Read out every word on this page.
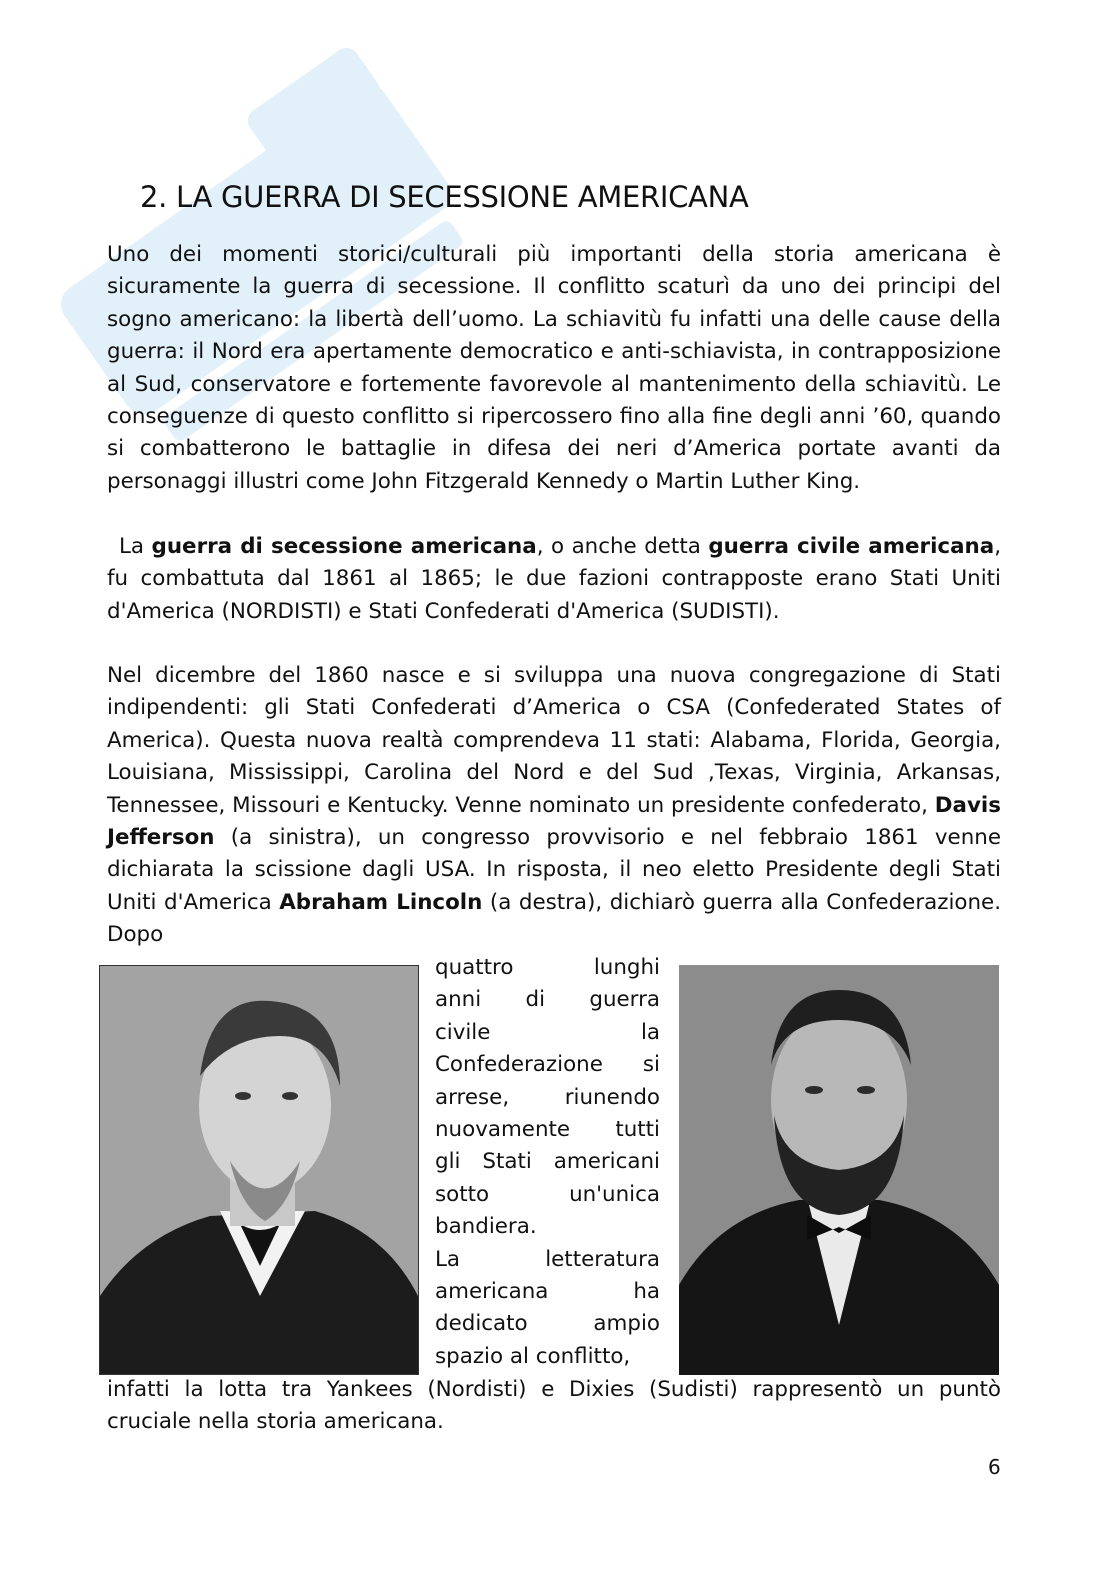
2. LA GUERRA DI SECESSIONE AMERICANA

Uno dei momenti storici/culturali più importanti della storia americana è sicuramente la guerra di secessione. Il conflitto scaturì da uno dei principi del sogno americano: la libertà dell’uomo. La schiavitù fu infatti una delle cause della guerra: il Nord era apertamente democratico e anti-schiavista, in contrapposizione al Sud, conservatore e fortemente favorevole al mantenimento della schiavitù. Le conseguenze di questo conflitto si ripercossero fino alla fine degli anni ’60, quando si combatterono le battaglie in difesa dei neri d’America portate avanti da personaggi illustri come John Fitzgerald Kennedy o Martin Luther King.

La guerra di secessione americana, o anche detta guerra civile americana, fu combattuta dal 1861 al 1865; le due fazioni contrapposte erano Stati Uniti d'America (NORDISTI) e Stati Confederati d'America (SUDISTI).

Nel dicembre del 1860 nasce e si sviluppa una nuova congregazione di Stati indipendenti: gli Stati Confederati d’America o CSA (Confederated States of America). Questa nuova realtà comprendeva 11 stati: Alabama, Florida, Georgia, Louisiana, Mississippi, Carolina del Nord e del Sud ,Texas, Virginia, Arkansas, Tennessee, Missouri e Kentucky. Venne nominato un presidente confederato, Davis Jefferson (a sinistra), un congresso provvisorio e nel febbraio 1861 venne dichiarata la scissione dagli USA. In risposta, il neo eletto Presidente degli Stati Uniti d'America Abraham Lincoln (a destra), dichiarò guerra alla Confederazione. Dopo

quattro lunghi
anni di guerra
civile la
Confederazione si
arrese, riunendo
nuovamente tutti
gli Stati americani
sotto un'unica
bandiera.
La letteratura
americana ha
dedicato ampio
spazio al conflitto,

infatti la lotta tra Yankees (Nordisti) e Dixies (Sudisti) rappresentò un puntò cruciale nella storia americana.

6
